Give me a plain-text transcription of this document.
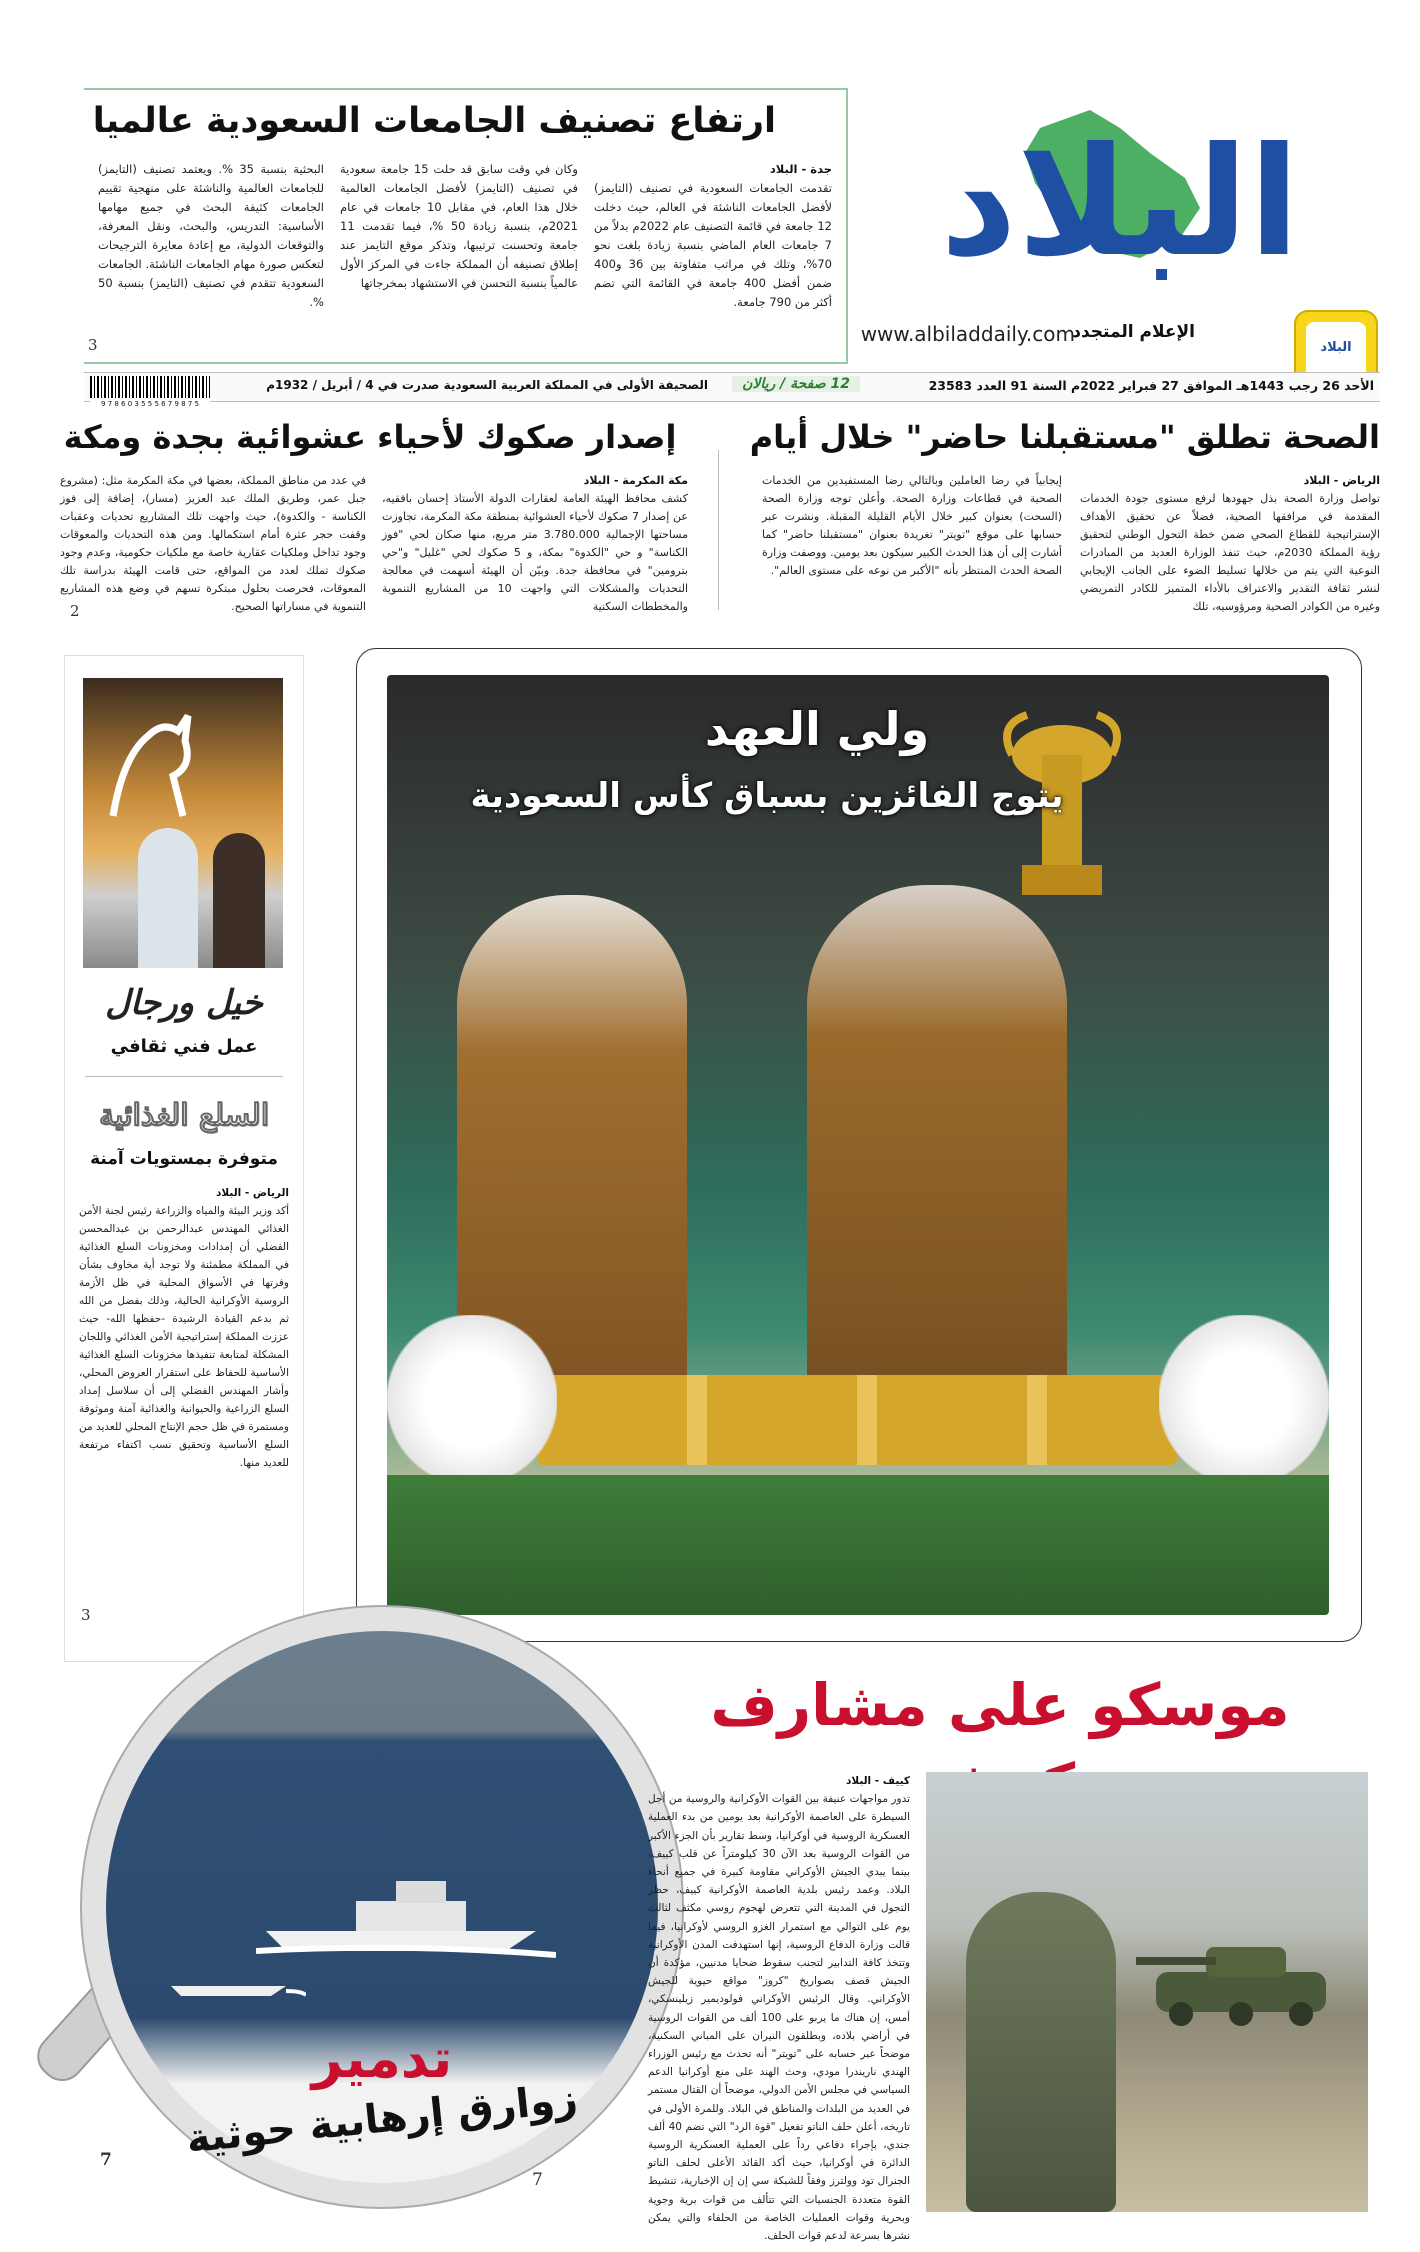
البلاد
الإعلام المتجدد
www.albiladdaily.com
البلاد
ارتفاع تصنيف الجامعات السعودية عالميا
جدة - البلاد
تقدمت الجامعات السعودية في تصنيف (التايمز) لأفضل الجامعات الناشئة في العالم، حيث دخلت 12 جامعة في قائمة التصنيف عام 2022م بدلاً من 7 جامعات العام الماضي بنسبة زيادة بلغت نحو 70%، وتلك في مراتب متفاوتة بين 36 و400 ضمن أفضل 400 جامعة في القائمة التي تضم أكثر من 790 جامعة.
وكان في وقت سابق قد حلت 15 جامعة سعودية في تصنيف (التايمز) لأفضل الجامعات العالمية خلال هذا العام، في مقابل 10 جامعات في عام 2021م، بنسبة زيادة 50 %، فيما تقدمت 11 جامعة وتحسنت ترتيبها، وتذكر موقع التايمز عند إطلاق تصنيفه أن المملكة جاءت في المركز الأول عالمياً بنسبة التحسن في الاستشهاد بمخرجاتها
البحثية بنسبة 35 %. ويعتمد تصنيف (التايمز) للجامعات العالمية والناشئة على منهجية تقييم الجامعات كثيفة البحث في جميع مهامها الأساسية: التدريس، والبحث، ونقل المعرفة، والتوقعات الدولية، مع إعادة معايرة الترجيحات لتعكس صورة مهام الجامعات الناشئة. الجامعات السعودية تتقدم في تصنيف (التايمز) بنسبة 50 %.
3
الأحد 26 رجب 1443هـ الموافق 27 فبراير 2022م السنة 91 العدد 23583
12 صفحة / ريالان
الصحيفة الأولى في المملكة العربية السعودية صدرت في 4 / أبريل / 1932م
9 7 8 6 0 3 5 5 5 6 7 9 8 7 5
الصحة تطلق "مستقبلنا حاضر" خلال أيام
الرياض - البلاد
تواصل وزارة الصحة بذل جهودها لرفع مستوى جودة الخدمات المقدمة في مرافقها الصحية، فضلاً عن تحقيق الأهداف الإستراتيجية للقطاع الصحي ضمن خطة التحول الوطني لتحقيق رؤية المملكة 2030م، حيث تنفذ الوزارة العديد من المبادرات النوعية التي يتم من خلالها تسليط الضوء على الجانب الإيجابي لنشر ثقافة التقدير والاعتراف بالأداء المتميز للكادر التمريضي وغيره من الكوادر الصحية ومرؤوسيه، تلك
إيجابياً في رضا العاملين وبالتالي رضا المستفيدين من الخدمات الصحية في قطاعات وزارة الصحة. وأعلن توجه وزارة الصحة (السحت) بعنوان كبير خلال الأيام القليلة المقبلة. ونشرت عبر حسابها على موقع "تويتر" تغريدة بعنوان "مستقبلنا حاضر" كما أشارت إلى أن هذا الحدث الكبير سيكون بعد يومين. ووصفت وزارة الصحة الحدث المنتظر بأنه "الأكبر من نوعه على مستوى العالم".
إصدار صكوك لأحياء عشوائية بجدة ومكة
مكة المكرمة - البلاد
كشف محافظ الهيئة العامة لعقارات الدولة الأستاذ إحسان بافقيه، عن إصدار 7 صكوك لأحياء العشوائية بمنطقة مكة المكرمة، تجاوزت مساحتها الإجمالية 3.780.000 متر مربع، منها صكان لحي "فوز الكناسة" و حي "الكدوة" بمكة، و 5 صكوك لحي "غليل" و"حي بترومين" في محافظة جدة. وبيّن أن الهيئة أسهمت في معالجة التحديات والمشكلات التي واجهت 10 من المشاريع التنموية والمخططات السكنية
في عدد من مناطق المملكة، بعضها في مكة المكرمة مثل: (مشروع جبل عمر، وطريق الملك عبد العزيز (مسار)، إضافة إلى فوز الكناسة - والكدوة)، حيث واجهت تلك المشاريع تحديات وعقبات وقفت حجر عثرة أمام استكمالها. ومن هذه التحديات والمعوقات وجود تداخل وملكيات عقارية خاصة مع ملكيات حكومية، وعدم وجود صكوك تملك لعدد من المواقع، حتى قامت الهيئة بدراسة تلك المعوقات، فحرصت بحلول مبتكرة تسهم في وضع هذه المشاريع التنموية في مساراتها الصحيح.
2
ولي العهد
يتوج الفائزين بسباق كأس السعودية
خيل ورجال
عمل فني ثقافي
السلع الغذائية
متوفرة بمستويات آمنة
الرياض - البلاد
أكد وزير البيئة والمياه والزراعة رئيس لجنة الأمن الغذائي المهندس عبدالرحمن بن عبدالمحسن الفضلي أن إمدادات ومخزونات السلع الغذائية في المملكة مطمئنة ولا توجد أية مخاوف بشأن وفرتها في الأسواق المحلية في ظل الأزمة الروسية الأوكرانية الحالية، وذلك بفضل من الله ثم بدعم القيادة الرشيدة -حفظها الله- حيث عززت المملكة إستراتيجية الأمن الغذائي واللجان المشكلة لمتابعة تنفيذها مخزونات السلع الغذائية الأساسية للحفاظ على استقرار العروض المحلي، وأشار المهندس الفضلي إلى أن سلاسل إمداد السلع الزراعية والحيوانية والغذائية آمنة وموثوقة ومستمرة في ظل حجم الإنتاج المحلي للعديد من السلع الأساسية وتحقيق نسب اكتفاء مرتفعة للعديد منها.
3
تدمير
زوارق إرهابية حوثية
7
موسكو على مشارف
كييف - البلاد
تدور مواجهات عنيفة بين القوات الأوكرانية والروسية من أجل السيطرة على العاصمة الأوكرانية بعد يومين من بدء العملية العسكرية الروسية في أوكرانيا، وسط تقارير بأن الجزء الأكبر من القوات الروسية بعد الآن 30 كيلومتراً عن قلب كييف، بينما يبدي الجيش الأوكراني مقاومة كبيرة في جميع أنحاء البلاد. وعمد رئيس بلدية العاصمة الأوكرانية كييف، حظر التجول في المدينة التي تتعرض لهجوم روسي مكثف لثالث يوم على التوالي مع استمرار الغزو الروسي لأوكرانيا، فيما قالت وزارة الدفاع الروسية، إنها استهدفت المدن الأوكرانية وتتخذ كافة التدابير لتجنب سقوط ضحايا مدنيين، مؤكدة أن الجيش قصف بصواريخ "كروز" مواقع حيوية للجيش الأوكراني. وقال الرئيس الأوكراني فولوديمير زيلينسكي، أمس، إن هناك ما يربو على 100 ألف من القوات الروسية في أراضي بلاده، وبطلقون النيران على المباني السكنية، موضحاً عبر حسابه على "تويتر" أنه تحدث مع رئيس الوزراء الهندي ناريندرا مودي، وحث الهند على منع أوكرانيا الدعم السياسي في مجلس الأمن الدولي، موضحاً أن القتال مستمر في العديد من البلدات والمناطق في البلاد. وللمرة الأولى في تاريخه، أعلن حلف الناتو تفعيل "قوة الرد" التي تضم 40 ألف جندي، بإجراء دفاعي رداً على العملية العسكرية الروسية الدائرة في أوكرانيا، حيث أكد القائد الأعلى لحلف الناتو الجنرال تود وولترز وفقاً للشبكة سي إن إن الإخبارية، تنشيط القوة متعددة الجنسيات التي تتألف من قوات برية وجوية وبحرية وقوات العمليات الخاصة من الحلفاء والتي يمكن نشرها بسرعة لدعم قوات الحلف.
7
